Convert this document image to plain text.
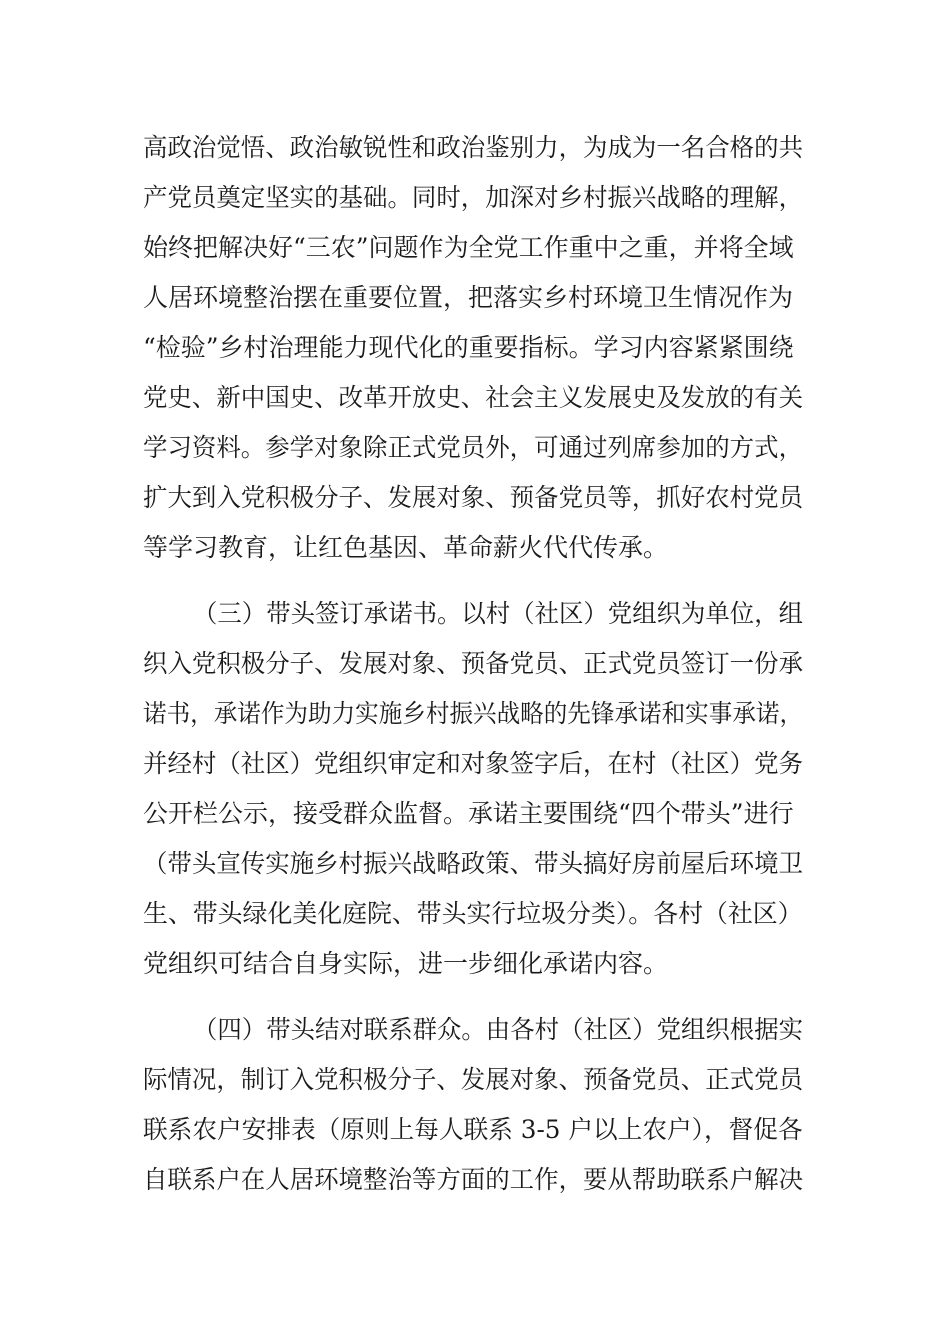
高政治觉悟、政治敏锐性和政治鉴别力，为成为一名合格的共
产党员奠定坚实的基础。同时，加深对乡村振兴战略的理解，
始终把解决好“三农”问题作为全党工作重中之重，并将全域
人居环境整治摆在重要位置，把落实乡村环境卫生情况作为
“检验”乡村治理能力现代化的重要指标。学习内容紧紧围绕
党史、新中国史、改革开放史、社会主义发展史及发放的有关
学习资料。参学对象除正式党员外，可通过列席参加的方式，
扩大到入党积极分子、发展对象、预备党员等，抓好农村党员
等学习教育，让红色基因、革命薪火代代传承。
（三）带头签订承诺书。以村（社区）党组织为单位，组
织入党积极分子、发展对象、预备党员、正式党员签订一份承
诺书，承诺作为助力实施乡村振兴战略的先锋承诺和实事承诺，
并经村（社区）党组织审定和对象签字后，在村（社区）党务
公开栏公示，接受群众监督。承诺主要围绕“四个带头”进行
（带头宣传实施乡村振兴战略政策、带头搞好房前屋后环境卫
生、带头绿化美化庭院、带头实行垃圾分类）。各村（社区）
党组织可结合自身实际，进一步细化承诺内容。
（四）带头结对联系群众。由各村（社区）党组织根据实
际情况，制订入党积极分子、发展对象、预备党员、正式党员
联系农户安排表（原则上每人联系 3-5 户以上农户），督促各
自联系户在人居环境整治等方面的工作，要从帮助联系户解决
